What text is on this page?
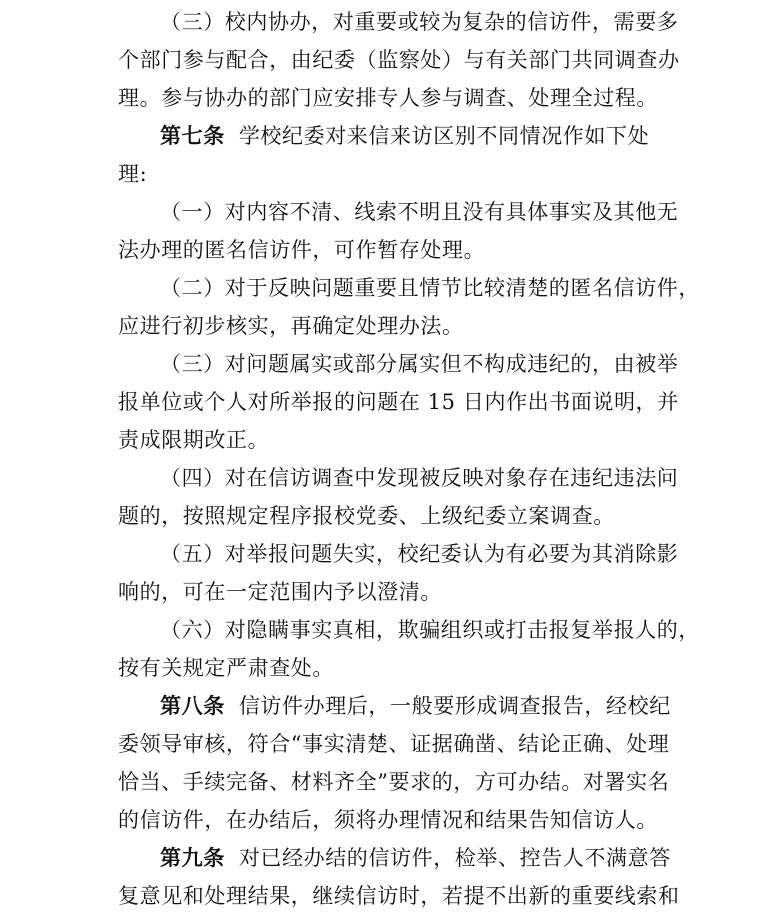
（三）校内协办，对重要或较为复杂的信访件，需要多
个部门参与配合，由纪委（监察处）与有关部门共同调查办
理。参与协办的部门应安排专人参与调查、处理全过程。
第七条 学校纪委对来信来访区别不同情况作如下处
理:
（一）对内容不清、线索不明且没有具体事实及其他无
法办理的匿名信访件，可作暂存处理。
（二）对于反映问题重要且情节比较清楚的匿名信访件，
应进行初步核实，再确定处理办法。
（三）对问题属实或部分属实但不构成违纪的，由被举
报单位或个人对所举报的问题在 15 日内作出书面说明，并
责成限期改正。
（四）对在信访调查中发现被反映对象存在违纪违法问
题的，按照规定程序报校党委、上级纪委立案调查。
（五）对举报问题失实，校纪委认为有必要为其消除影
响的，可在一定范围内予以澄清。
（六）对隐瞒事实真相，欺骗组织或打击报复举报人的，
按有关规定严肃查处。
第八条 信访件办理后，一般要形成调查报告，经校纪
委领导审核，符合“事实清楚、证据确凿、结论正确、处理
恰当、手续完备、材料齐全”要求的，方可办结。对署实名
的信访件，在办结后，须将办理情况和结果告知信访人。
第九条 对已经办结的信访件，检举、控告人不满意答
复意见和处理结果，继续信访时，若提不出新的重要线索和
